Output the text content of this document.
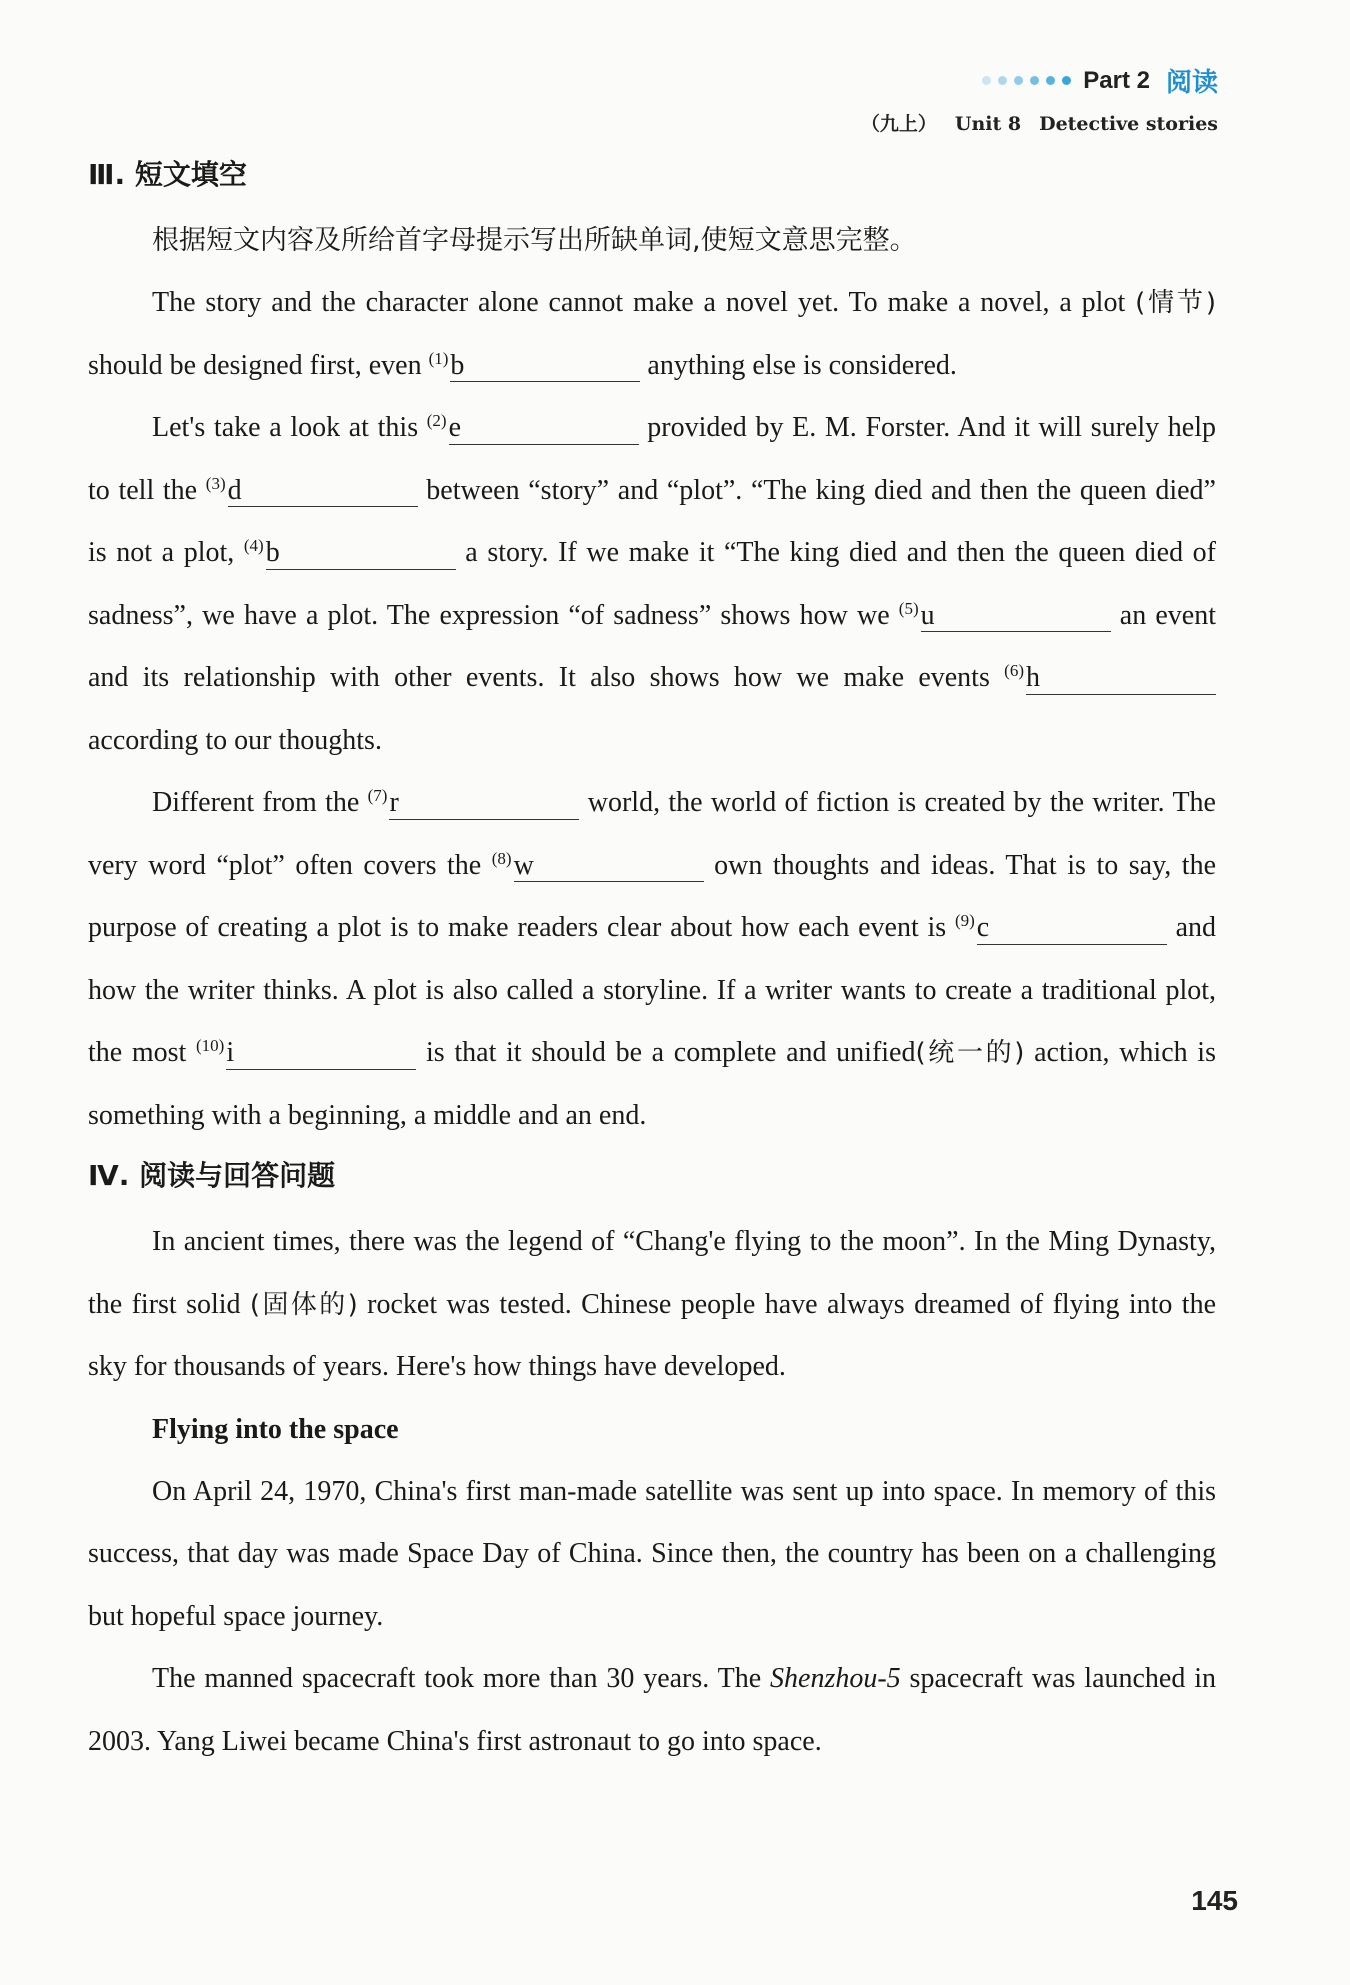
Part 2 阅读
（九上） Unit 8 Detective stories
Ⅲ. 短文填空

根据短文内容及所给首字母提示写出所缺单词,使短文意思完整。

The story and the character alone cannot make a novel yet. To make a novel, a plot (情节) should be designed first, even $^{(1)}$b	anything else is considered.

Let's take a look at this $^{(2)}$e	provided by E. M. Forster. And it will surely help to tell the $^{(3)}$d	between “story” and “plot”. “The king died and then the queen died” is not a plot, $^{(4)}$b	a story. If we make it “The king died and then the queen died of sadness”, we have a plot. The expression “of sadness” shows how we $^{(5)}$u	an event and its relationship with other events. It also shows how we make events $^{(6)}$h according to our thoughts.

Different from the $^{(7)}$r	world, the world of fiction is created by the writer. The very word “plot” often covers the $^{(8)}$w	own thoughts and ideas. That is to say, the purpose of creating a plot is to make readers clear about how each event is $^{(9)}$c	and how the writer thinks. A plot is also called a storyline. If a writer wants to create a traditional plot, the most $^{(10)}$i	is that it should be a complete and unified(统一的) action, which is something with a beginning, a middle and an end.

Ⅳ. 阅读与回答问题

In ancient times, there was the legend of “Chang'e flying to the moon”. In the Ming Dynasty, the first solid (固体的) rocket was tested. Chinese people have always dreamed of flying into the sky for thousands of years. Here's how things have developed.

Flying into the space

On April 24, 1970, China's first man-made satellite was sent up into space. In memory of this success, that day was made Space Day of China. Since then, the country has been on a challenging but hopeful space journey.

The manned spacecraft took more than 30 years. The Shenzhou-5 spacecraft was launched in 2003. Yang Liwei became China's first astronaut to go into space.

145
